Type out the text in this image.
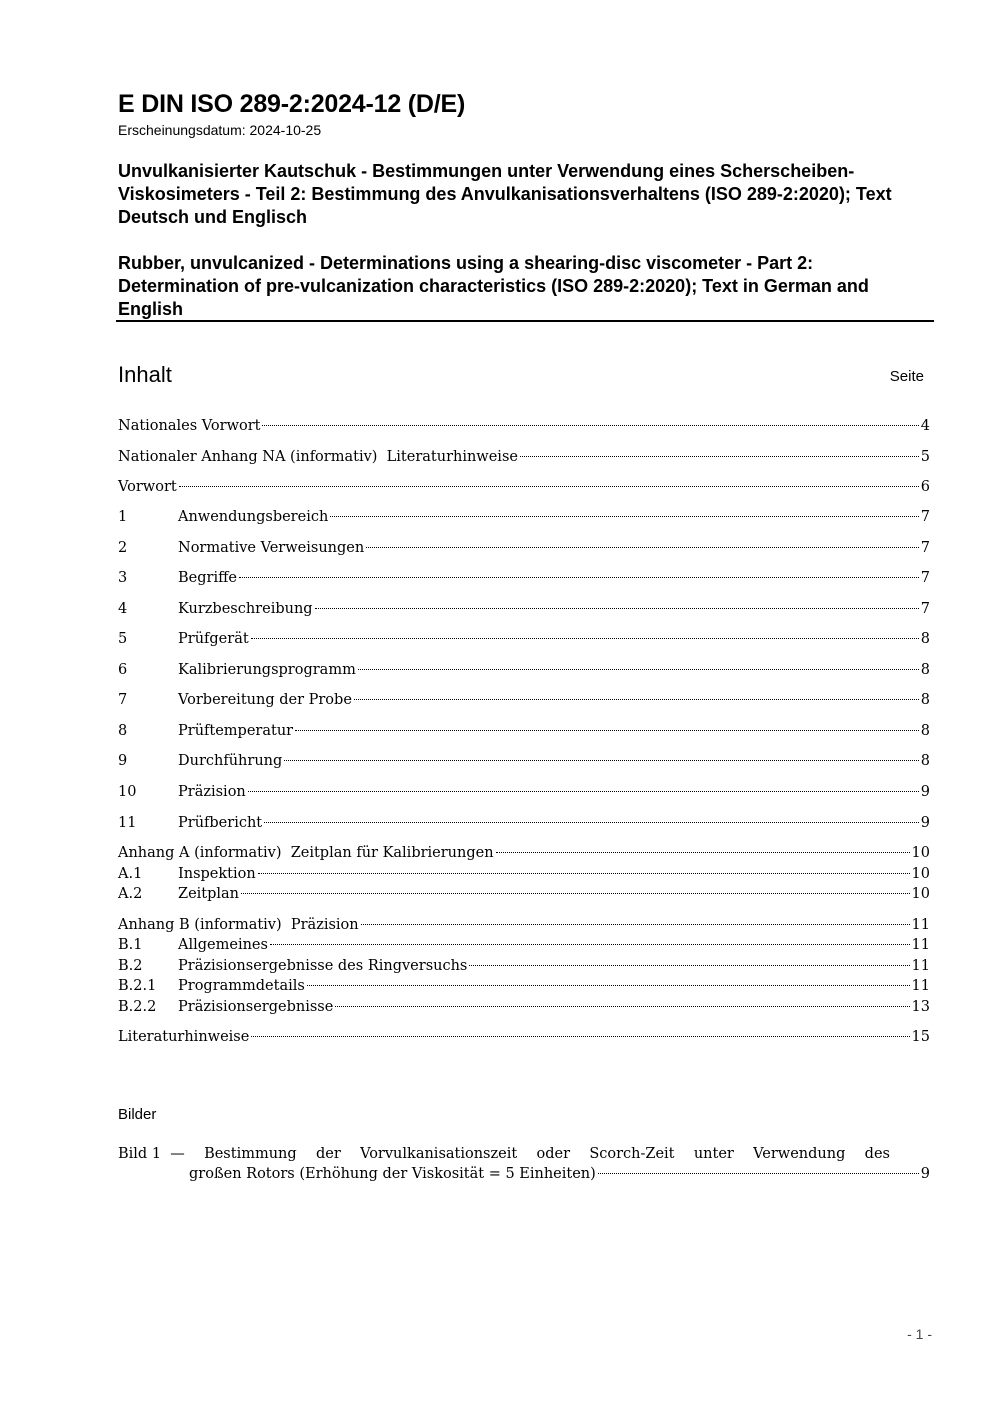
E DIN ISO 289-2:2024-12 (D/E)
Erscheinungsdatum: 2024-10-25

Unvulkanisierter Kautschuk - Bestimmungen unter Verwendung eines Scherscheiben-Viskosimeters - Teil 2: Bestimmung des Anvulkanisationsverhaltens (ISO 289-2:2020); Text Deutsch und Englisch

Rubber, unvulcanized - Determinations using a shearing-disc viscometer - Part 2: Determination of pre-vulcanization characteristics (ISO 289-2:2020); Text in German and English

Inhalt	Seite
Nationales Vorwort	4
Nationaler Anhang NA (informativ)  Literaturhinweise	5
Vorwort	6
1	Anwendungsbereich	7
2	Normative Verweisungen	7
3	Begriffe	7
4	Kurzbeschreibung	7
5	Prüfgerät	8
6	Kalibrierungsprogramm	8
7	Vorbereitung der Probe	8
8	Prüftemperatur	8
9	Durchführung	8
10	Präzision	9
11	Prüfbericht	9
Anhang A (informativ)  Zeitplan für Kalibrierungen	10
A.1	Inspektion	10
A.2	Zeitplan	10
Anhang B (informativ)  Präzision	11
B.1	Allgemeines	11
B.2	Präzisionsergebnisse des Ringversuchs	11
B.2.1	Programmdetails	11
B.2.2	Präzisionsergebnisse	13
Literaturhinweise	15
Bilder
Bild 1 — Bestimmung der Vorvulkanisationszeit oder Scorch-Zeit unter Verwendung des
großen Rotors (Erhöhung der Viskosität = 5 Einheiten)	9
- 1 -
